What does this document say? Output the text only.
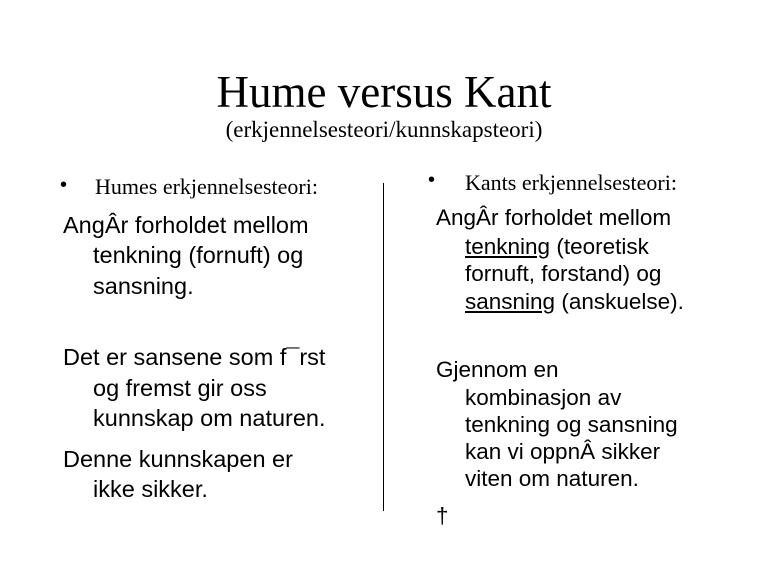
Hume versus Kant
(erkjennelsesteori/kunnskapsteori)
• Humes erkjennelsesteori:
AngÂr forholdet mellom
tenkning (fornuft) og
sansning.
Det er sansene som f¯rst
og fremst gir oss
kunnskap om naturen.
Denne kunnskapen er
ikke sikker.
• Kants erkjennelsesteori:
AngÂr forholdet mellom
tenkning (teoretisk
fornuft, forstand) og
sansning (anskuelse).
Gjennom en
kombinasjon av
tenkning og sansning
kan vi oppnÂ sikker
viten om naturen.
†
